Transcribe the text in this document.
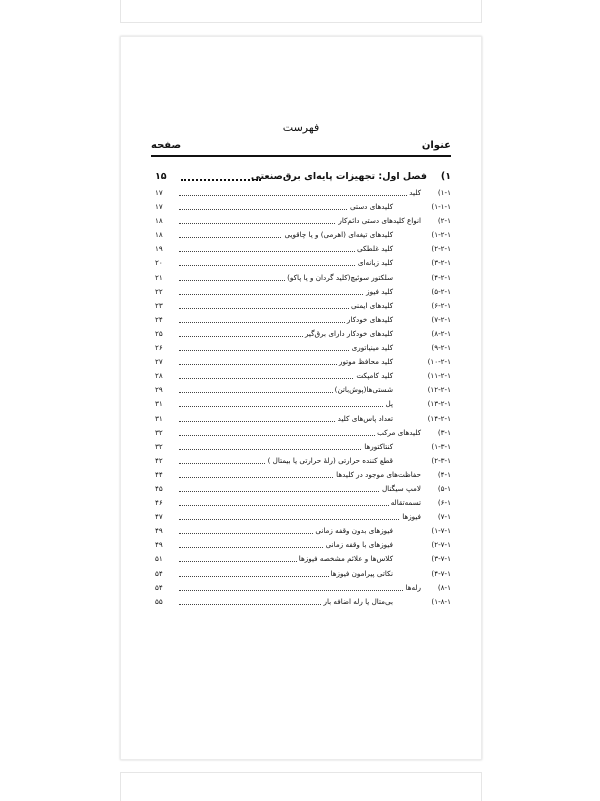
فهرست
عنوان
صفحه
۱)
فصل اول: تجهیزات پایه‌ای برق‌صنعتی
۱۵
(۱-۱
کلید
۱۷
(۱-۱-۱
کلیدهای دستی
۱۷
(۲-۱
انواع کلیدهای دستی دائم‌کار
۱۸
(۱-۲-۱
کلیدهای تیغه‌ای (اهرمی) و یا چاقویی
۱۸
(۲-۲-۱
کلید غلطکی
۱۹
(۳-۲-۱
کلید زبانه‌ای
۲۰
(۴-۲-۱
سلکتور سوئیچ(کلید گردان و یا پاکو)
۲۱
(۵-۲-۱
کلید فیوز
۲۲
(۶-۲-۱
کلیدهای ایمنی
۲۳
(۷-۲-۱
کلیدهای خودکار
۲۴
(۸-۲-۱
کلیدهای خودکار دارای برق‌گیر
۲۵
(۹-۲-۱
کلید مینیاتوری
۲۶
(۱۰-۲-۱
کلید محافظ موتور
۲۷
(۱۱-۲-۱
کلید کامپکت
۲۸
(۱۲-۲-۱
شستی‌ها(پوش‌باتن)
۲۹
(۱۳-۲-۱
پل
۳۱
(۱۴-۲-۱
تعداد پاس‌های کلید
۳۱
(۳-۱
کلیدهای مرکب
۳۲
(۱-۳-۱
کنتاکتورها
۳۲
(۲-۳-۱
قطع کننده حرارتی (رلهٔ حرارتی یا بیمتال )
۴۲
(۴-۱
حفاظت‌های موجود در کلیدها
۴۴
(۵-۱
لامپ سیگنال
۴۵
(۶-۱
تسمه‌تقاله
۴۶
(۷-۱
فیوزها
۴۷
(۱-۷-۱
فیوزهای بدون وقفه زمانی
۴۹
(۲-۷-۱
فیوزهای با وقفه زمانی
۴۹
(۳-۷-۱
کلاس‌ها و علائم مشخصه فیوزها
۵۱
(۴-۷-۱
نکاتی پیرامون فیوزها
۵۴
(۸-۱
رله‌ها
۵۴
(۱-۸-۱
بی‌متال یا رله اضافه بار
۵۵
